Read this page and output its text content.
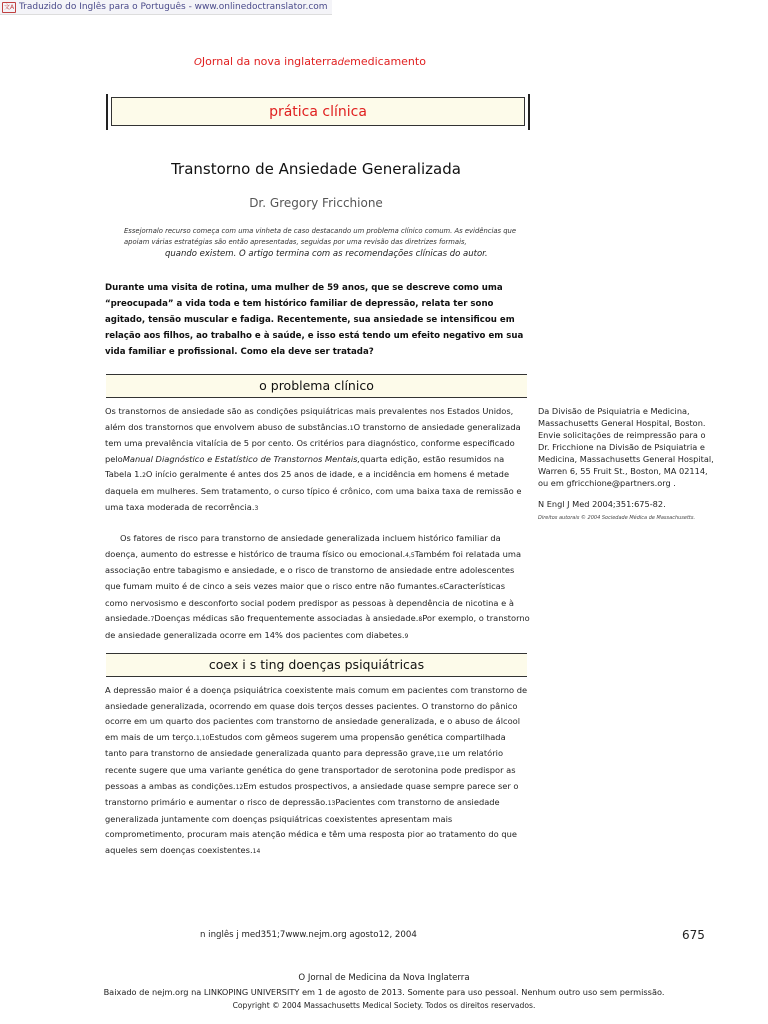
文A Traduzido do Inglês para o Português - www.onlinedoctranslator.com
OJornal da nova inglaterrademedicamento
prática clínica
Transtorno de Ansiedade Generalizada
Dr. Gregory Fricchione
Essejornalo recurso começa com uma vinheta de caso destacando um problema clínico comum. As evidências que apoiam várias estratégias são então apresentadas, seguidas por uma revisão das diretrizes formais,
quando existem. O artigo termina com as recomendações clínicas do autor.
Durante uma visita de rotina, uma mulher de 59 anos, que se descreve como uma “preocupada” a vida toda e tem histórico familiar de depressão, relata ter sono agitado, tensão muscular e fadiga. Recentemente, sua ansiedade se intensificou em relação aos filhos, ao trabalho e à saúde, e isso está tendo um efeito negativo em sua vida familiar e profissional. Como ela deve ser tratada?
o problema clínico

Os transtornos de ansiedade são as condições psiquiátricas mais prevalentes nos Estados Unidos, além dos transtornos que envolvem abuso de substâncias.1O transtorno de ansiedade generalizada tem uma prevalência vitalícia de 5 por cento. Os critérios para diagnóstico, conforme especificado peloManual Diagnóstico e Estatístico de Transtornos Mentais,quarta edição, estão resumidos na Tabela 1.2O início geralmente é antes dos 25 anos de idade, e a incidência em homens é metade daquela em mulheres. Sem tratamento, o curso típico é crônico, com uma baixa taxa de remissão e uma taxa moderada de recorrência.3

Os fatores de risco para transtorno de ansiedade generalizada incluem histórico familiar da doença, aumento do estresse e histórico de trauma físico ou emocional.4,5Também foi relatada uma associação entre tabagismo e ansiedade, e o risco de transtorno de ansiedade entre adolescentes que fumam muito é de cinco a seis vezes maior que o risco entre não fumantes.6Características como nervosismo e desconforto social podem predispor as pessoas à dependência de nicotina e à ansiedade.7Doenças médicas são frequentemente associadas à ansiedade.8Por exemplo, o transtorno de ansiedade generalizada ocorre em 14% dos pacientes com diabetes.9

coex i s ting doenças psiquiátricas

A depressão maior é a doença psiquiátrica coexistente mais comum em pacientes com transtorno de ansiedade generalizada, ocorrendo em quase dois terços desses pacientes. O transtorno do pânico ocorre em um quarto dos pacientes com transtorno de ansiedade generalizada, e o abuso de álcool em mais de um terço.1,10Estudos com gêmeos sugerem uma propensão genética compartilhada tanto para transtorno de ansiedade generalizada quanto para depressão grave,11e um relatório recente sugere que uma variante genética do gene transportador de serotonina pode predispor as pessoas a ambas as condições.12Em estudos prospectivos, a ansiedade quase sempre parece ser o transtorno primário e aumentar o risco de depressão.13Pacientes com transtorno de ansiedade generalizada juntamente com doenças psiquiátricas coexistentes apresentam mais comprometimento, procuram mais atenção médica e têm uma resposta pior ao tratamento do que aqueles sem doenças coexistentes.14

Da Divisão de Psiquiatria e Medicina, Massachusetts General Hospital, Boston. Envie solicitações de reimpressão para o Dr. Fricchione na Divisão de Psiquiatria e Medicina, Massachusetts General Hospital, Warren 6, 55 Fruit St., Boston, MA 02114, ou em gfricchione@partners.org .
N Engl J Med 2004;351:675-82.
Direitos autorais © 2004 Sociedade Médica de Massachusetts.
n inglês j med351;7www.nejm.org agosto12, 2004	675
O Jornal de Medicina da Nova Inglaterra
Baixado de nejm.org na LINKOPING UNIVERSITY em 1 de agosto de 2013. Somente para uso pessoal. Nenhum outro uso sem permissão.
Copyright © 2004 Massachusetts Medical Society. Todos os direitos reservados.
